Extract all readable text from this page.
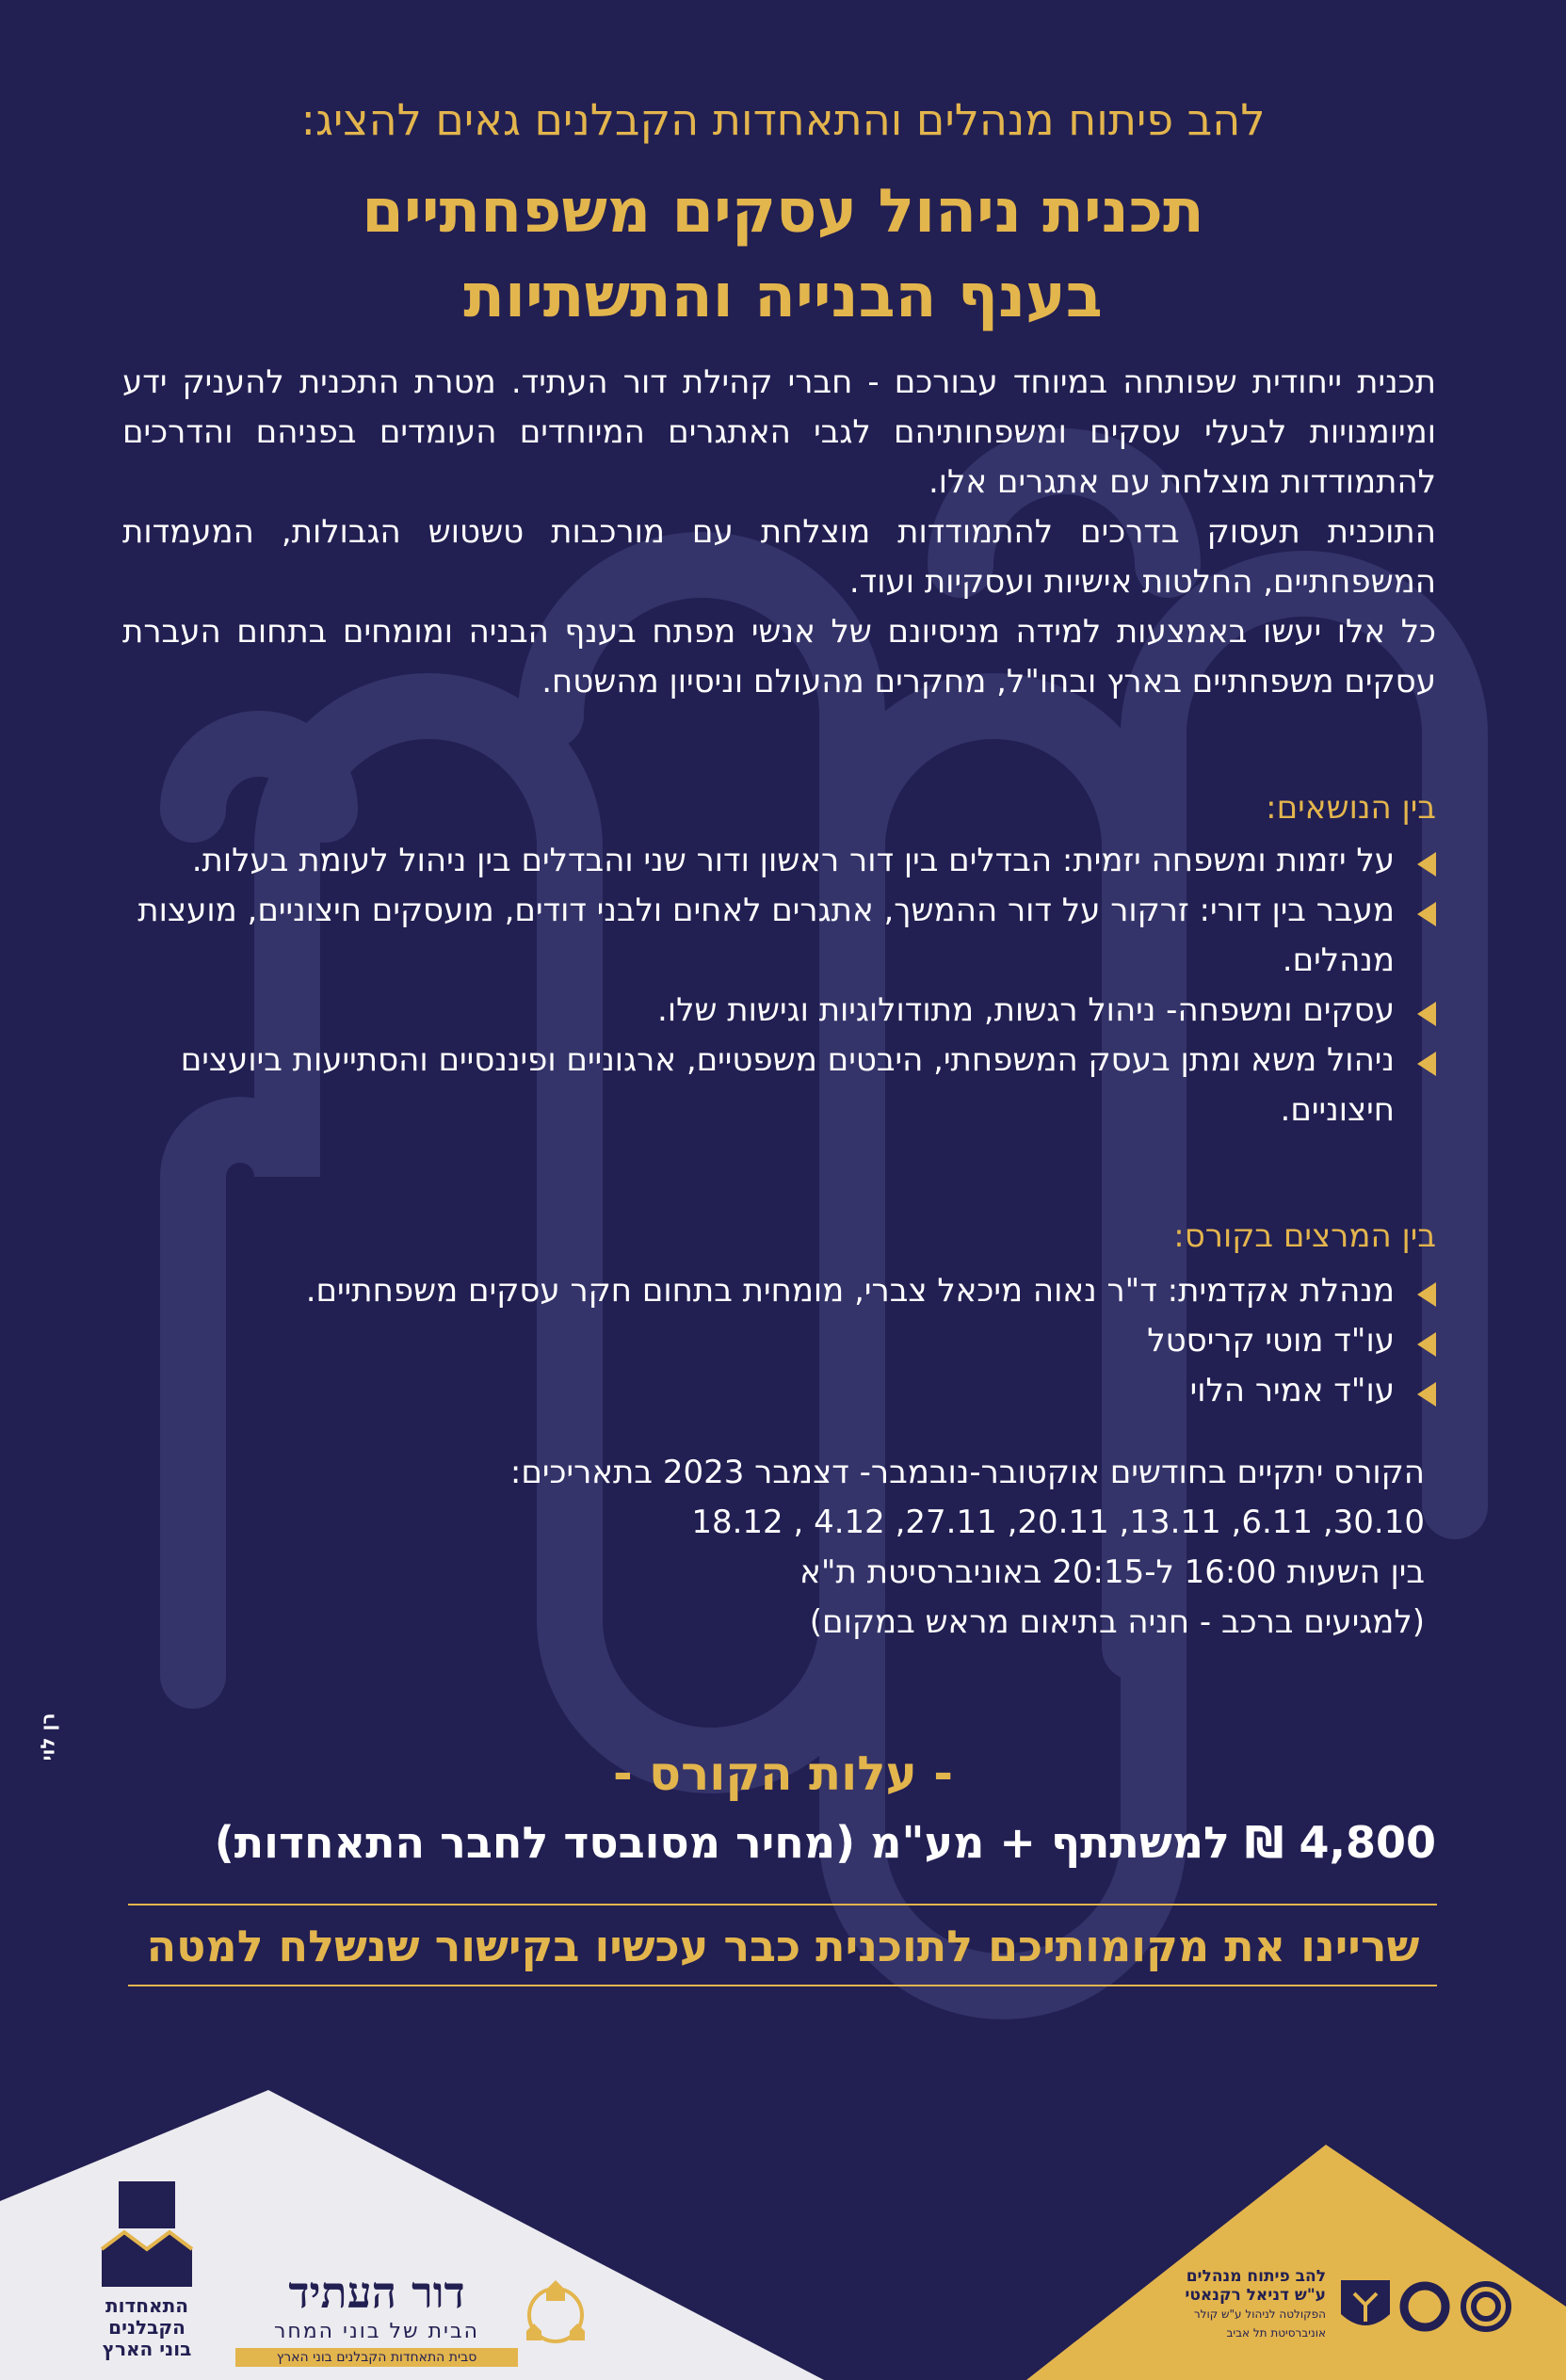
להב פיתוח מנהלים והתאחדות הקבלנים גאים להציג:
תכנית ניהול עסקים משפחתיים
בענף הבנייה והתשתיות

תכנית ייחודית שפותחה במיוחד עבורכם - חברי קהילת דור העתיד. מטרת התכנית להעניק ידע ומיומנויות לבעלי עסקים ומשפחותיהם לגבי האתגרים המיוחדים העומדים בפניהם והדרכים להתמודדות מוצלחת עם אתגרים אלו.

התוכנית תעסוק בדרכים להתמודדות מוצלחת עם מורכבות טשטוש הגבולות, המעמדות המשפחתיים, החלטות אישיות ועסקיות ועוד.

כל אלו יעשו באמצעות למידה מניסיונם של אנשי מפתח בענף הבניה ומומחים בתחום העברת עסקים משפחתיים בארץ ובחו"ל, מחקרים מהעולם וניסיון מהשטח.

בין הנושאים:
על יזמות ומשפחה יזמית: הבדלים בין דור ראשון ודור שני והבדלים בין ניהול לעומת בעלות.
מעבר בין דורי: זרקור על דור ההמשך, אתגרים לאחים ולבני דודים, מועסקים חיצוניים, מועצות מנהלים.
עסקים ומשפחה- ניהול רגשות, מתודולוגיות וגישות שלו.
ניהול משא ומתן בעסק המשפחתי, היבטים משפטיים, ארגוניים ופיננסיים והסתייעות ביועצים חיצוניים.
בין המרצים בקורס:
מנהלת אקדמית: ד"ר נאוה מיכאל צברי, מומחית בתחום חקר עסקים משפחתיים.
עו"ד מוטי קריסטל
עו"ד אמיר הלוי
הקורס יתקיים בחודשים אוקטובר-נובמבר- דצמבר 2023 בתאריכים:
30.10, 6.11, 13.11, 20.11, 27.11, 4.12 , 18.12
בין השעות 16:00 ל-20:15 באוניברסיטת ת"א
(למגיעים ברכב - חניה בתיאום מראש במקום)
רן לוי
- עלות הקורס -
4,800 ₪ למשתתף + מע"מ (מחיר מסובסד לחבר התאחדות)
שריינו את מקומותיכם לתוכנית כבר עכשיו בקישור שנשלח למטה
התאחדות
הקבלנים
בוני הארץ
דור העתיד
הבית של בוני המחר
סבית התאחדות הקבלנים בוני הארץ
להב פיתוח מנהלים
ע"ש דניאל רקנאטי
הפקולטה לניהול ע"ש קולר
אוניברסיטת תל אביב
